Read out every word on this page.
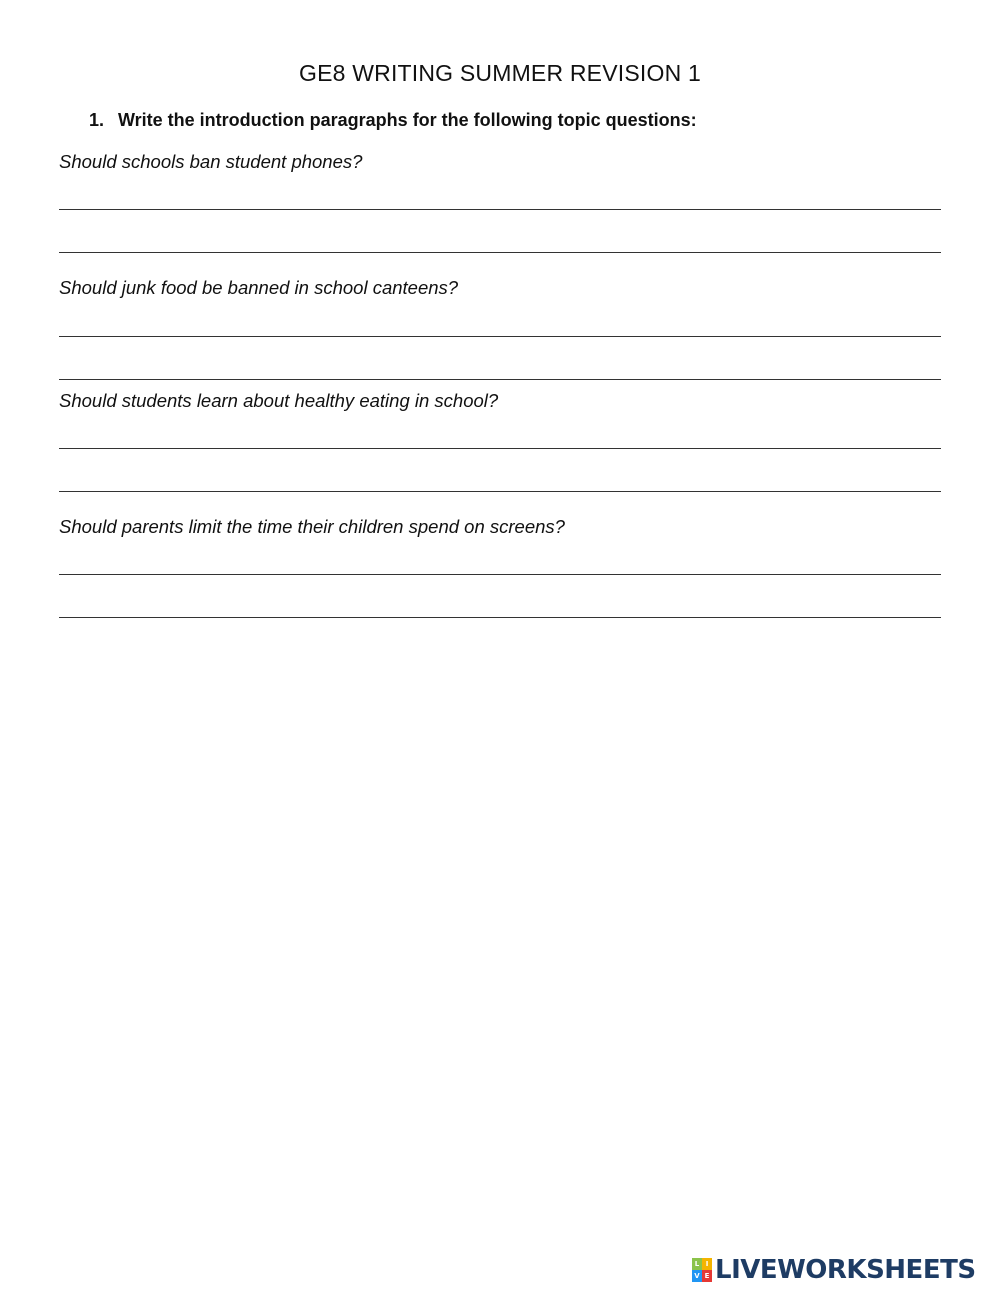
GE8 WRITING SUMMER REVISION 1
1. Write the introduction paragraphs for the following topic questions:
Should schools ban student phones?
Should junk food be banned in school canteens?
Should students learn about healthy eating in school?
Should parents limit the time their children spend on screens?
L I
V E LIVEWORKSHEETS
